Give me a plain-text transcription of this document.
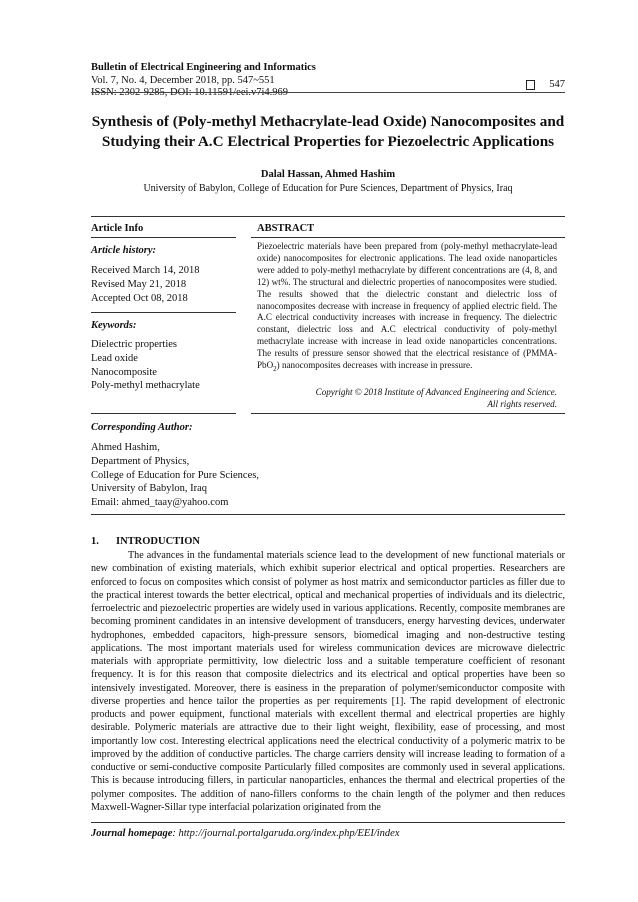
Bulletin of Electrical Engineering and Informatics
Vol. 7, No. 4, December 2018, pp. 547~551
ISSN: 2302-9285, DOI: 10.11591/eei.v7i4.969
547
Synthesis of (Poly-methyl Methacrylate-lead Oxide) Nanocomposites and
Studying their A.C Electrical Properties for Piezoelectric Applications
Dalal Hassan, Ahmed Hashim
University of Babylon, College of Education for Pure Sciences, Department of Physics, Iraq
Article Info	ABSTRACT
Article history:
Received March 14, 2018
Revised May 21, 2018
Accepted Oct 08, 2018
Keywords:
Dielectric properties
Lead oxide
Nanocomposite
Poly-methyl methacrylate
Piezoelectric materials have been prepared from (poly-methyl methacrylate-lead oxide) nanocomposites for electronic applications. The lead oxide nanoparticles were added to poly-methyl methacrylate by different concentrations are (4, 8, and 12) wt%. The structural and dielectric properties of nanocomposites were studied. The results showed that the dielectric constant and dielectric loss of nanocomposites decrease with increase in frequency of applied electric field. The A.C electrical conductivity increases with increase in frequency. The dielectric constant, dielectric loss and A.C electrical conductivity of poly-methyl methacrylate increase with increase in lead oxide nanoparticles concentrations. The results of pressure sensor showed that the electrical resistance of (PMMA-PbO$_2$) nanocomposites decreases with increase in pressure.
Copyright © 2018 Institute of Advanced Engineering and Science.
All rights reserved.
Corresponding Author:
Ahmed Hashim,
Department of Physics,
College of Education for Pure Sciences,
University of Babylon, Iraq
Email: ahmed_taay@yahoo.com
1. INTRODUCTION
The advances in the fundamental materials science lead to the development of new functional materials or new combination of existing materials, which exhibit superior electrical and optical properties. Researchers are enforced to focus on composites which consist of polymer as host matrix and semiconductor particles as filler due to the practical interest towards the better electrical, optical and mechanical properties of individuals and its dielectric, ferroelectric and piezoelectric properties are widely used in various applications. Recently, composite membranes are becoming prominent candidates in an intensive development of transducers, energy harvesting devices, underwater hydrophones, embedded capacitors, high-pressure sensors, biomedical imaging and non-destructive testing applications. The most important materials used for wireless communication devices are microwave dielectric materials with appropriate permittivity, low dielectric loss and a suitable temperature coefficient of resonant frequency. It is for this reason that composite dielectrics and its electrical and optical properties have been so intensively investigated. Moreover, there is easiness in the preparation of polymer/semiconductor composite with diverse properties and hence tailor the properties as per requirements [1]. The rapid development of electronic products and power equipment, functional materials with excellent thermal and electrical properties are highly desirable. Polymeric materials are attractive due to their light weight, flexibility, ease of processing, and most importantly low cost. Interesting electrical applications need the electrical conductivity of a polymeric matrix to be improved by the addition of conductive particles. The charge carriers density will increase leading to formation of a conductive or semi-conductive composite Particularly filled composites are commonly used in several applications. This is because introducing fillers, in particular nanoparticles, enhances the thermal and electrical properties of the polymer composites. The addition of nano-fillers conforms to the chain length of the polymer and then reduces Maxwell-Wagner-Sillar type interfacial polarization originated from the
Journal homepage: http://journal.portalgaruda.org/index.php/EEI/index
